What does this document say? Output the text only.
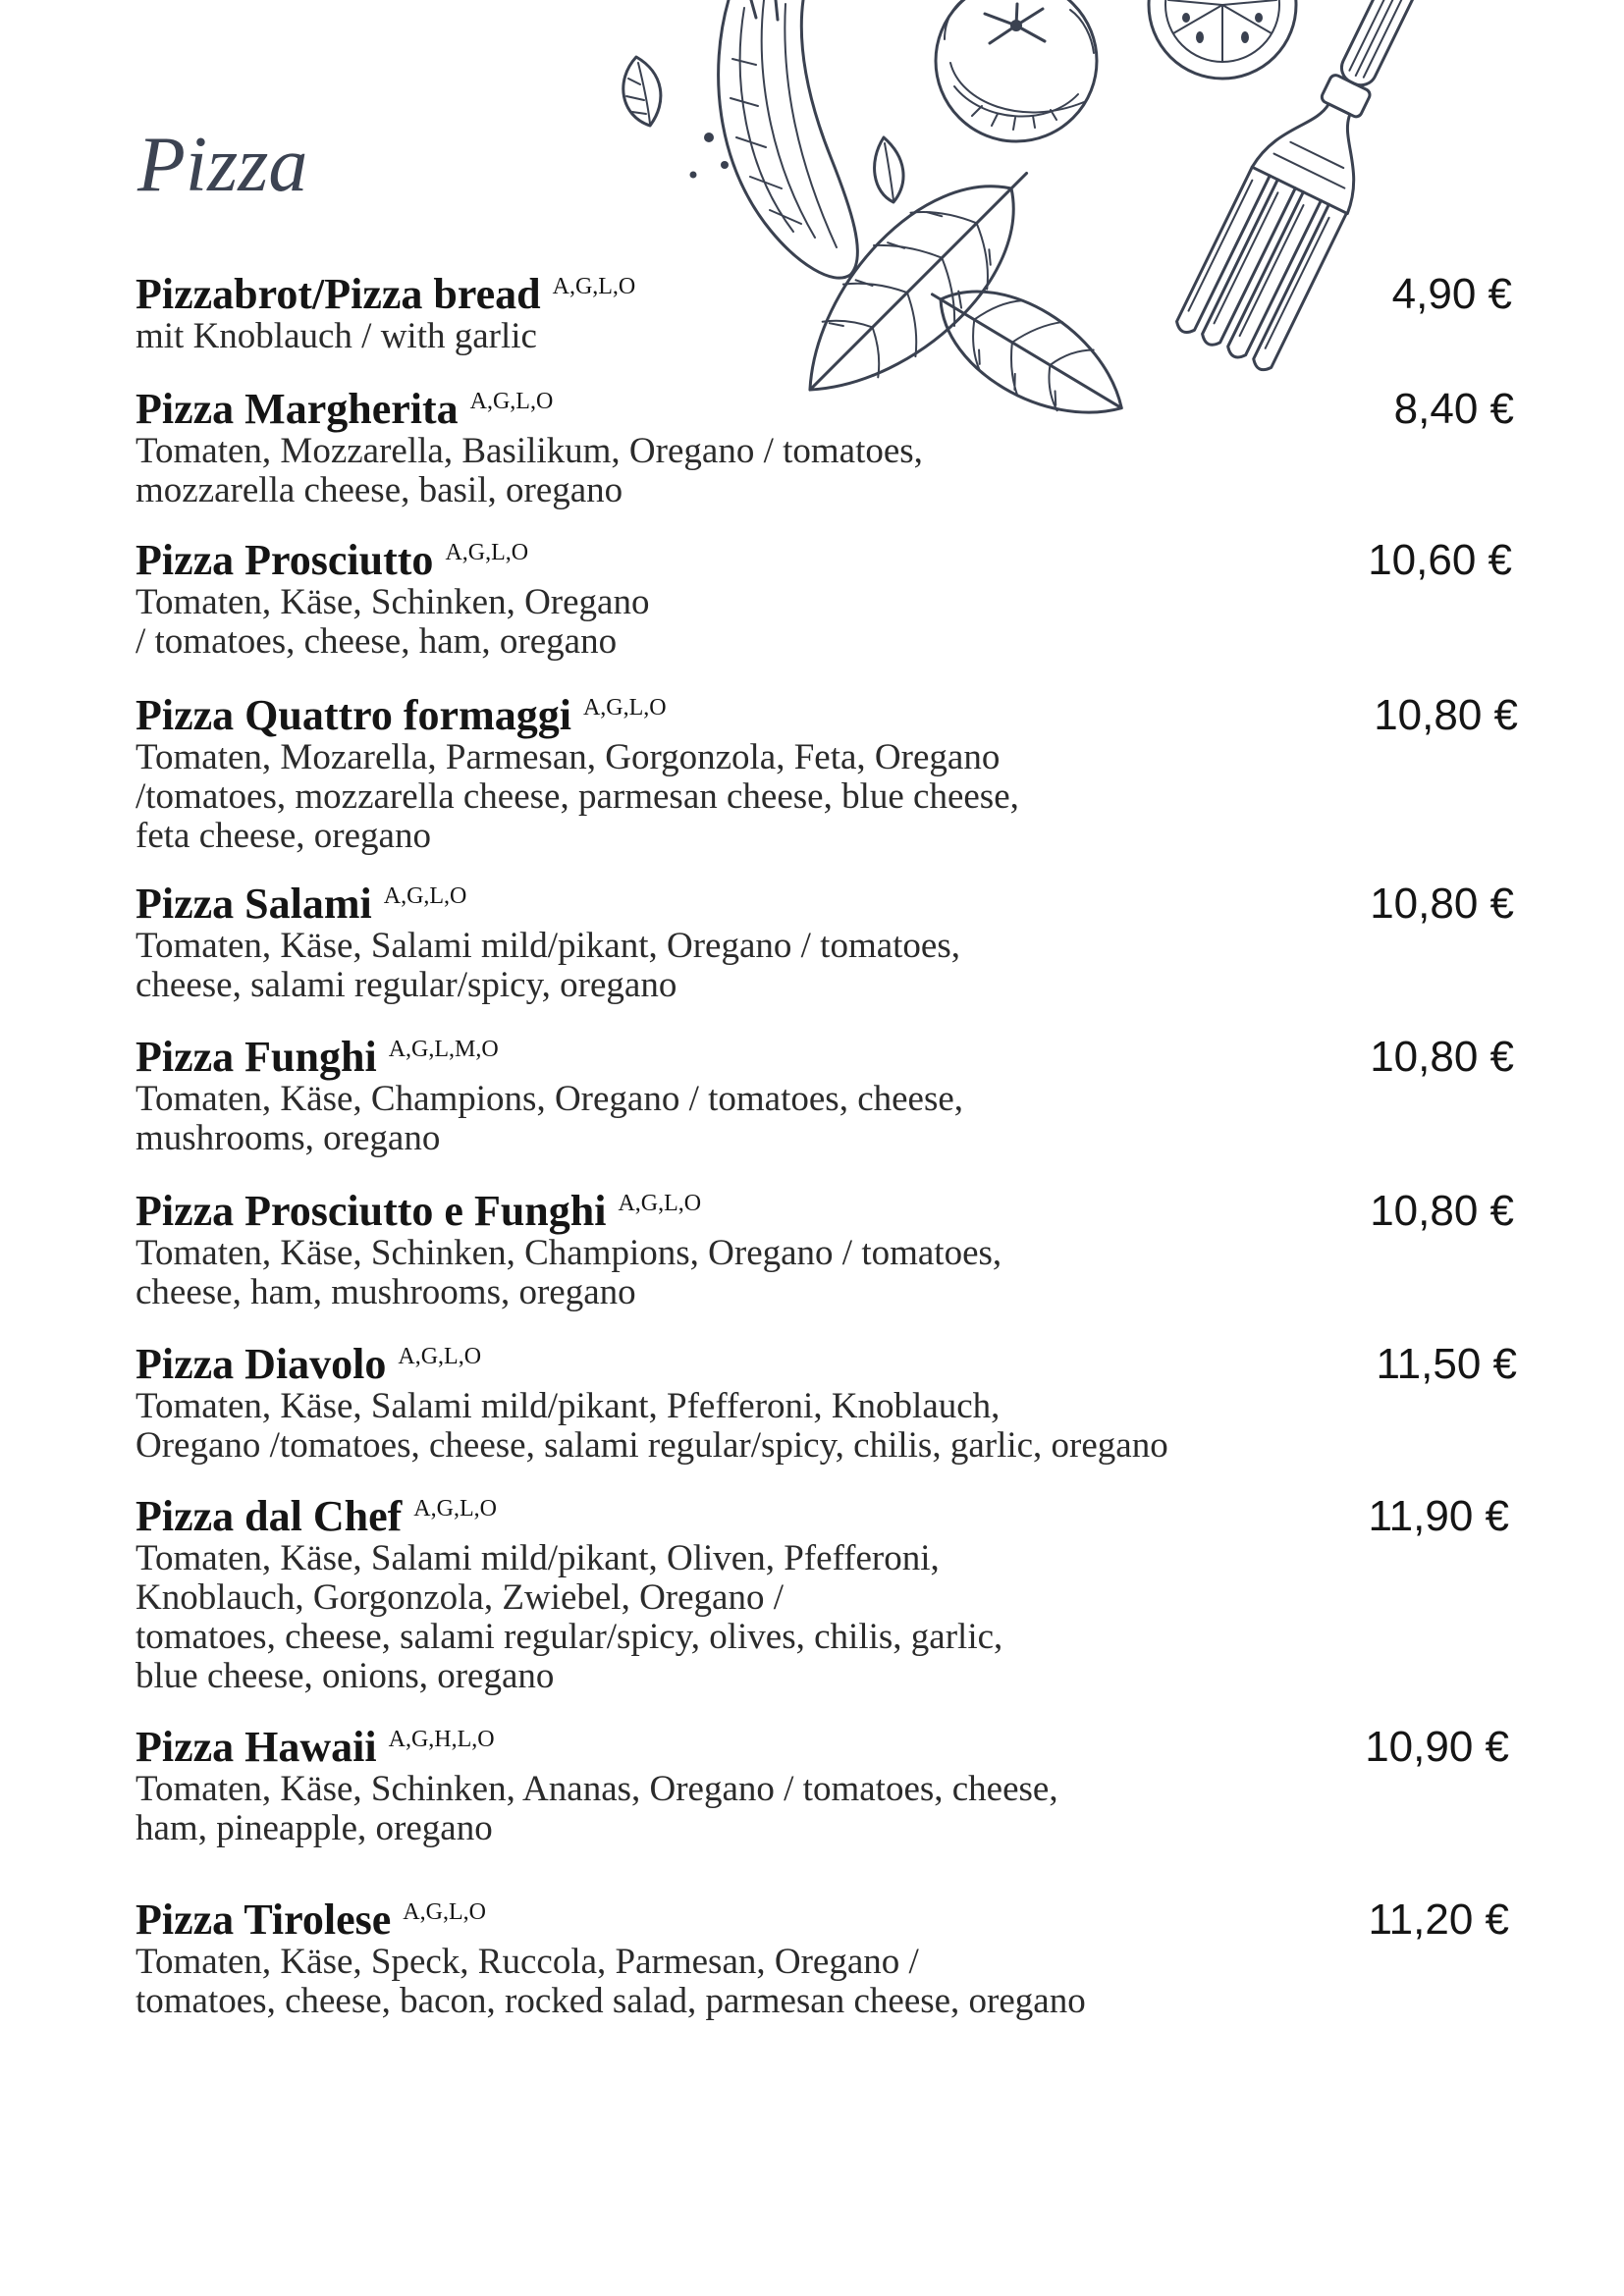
Pizza
Pizzabrot/Pizza bread A,G,L,O	4,90 €
mit Knoblauch / with garlic
Pizza Margherita A,G,L,O	8,40 €
Tomaten, Mozzarella, Basilikum, Oregano / tomatoes,
mozzarella cheese, basil, oregano
Pizza Prosciutto A,G,L,O	10,60 €
Tomaten, Käse, Schinken, Oregano
/ tomatoes, cheese, ham, oregano
Pizza Quattro formaggi A,G,L,O	10,80 €
Tomaten, Mozarella, Parmesan, Gorgonzola, Feta, Oregano
/tomatoes, mozzarella cheese, parmesan cheese, blue cheese,
feta cheese, oregano
Pizza Salami A,G,L,O	10,80 €
Tomaten, Käse, Salami mild/pikant, Oregano / tomatoes,
cheese, salami regular/spicy, oregano
Pizza Funghi A,G,L,M,O	10,80 €
Tomaten, Käse, Champions, Oregano / tomatoes, cheese,
mushrooms, oregano
Pizza Prosciutto e Funghi A,G,L,O	10,80 €
Tomaten, Käse, Schinken, Champions, Oregano / tomatoes,
cheese, ham, mushrooms, oregano
Pizza Diavolo A,G,L,O	11,50 €
Tomaten, Käse, Salami mild/pikant, Pfefferoni, Knoblauch,
Oregano /tomatoes, cheese, salami regular/spicy, chilis, garlic, oregano
Pizza dal Chef A,G,L,O	11,90 €
Tomaten, Käse, Salami mild/pikant, Oliven, Pfefferoni,
Knoblauch, Gorgonzola, Zwiebel, Oregano /
tomatoes, cheese, salami regular/spicy, olives, chilis, garlic,
blue cheese, onions, oregano
Pizza Hawaii A,G,H,L,O	10,90 €
Tomaten, Käse, Schinken, Ananas, Oregano / tomatoes, cheese,
ham, pineapple, oregano
Pizza Tirolese A,G,L,O	11,20 €
Tomaten, Käse, Speck, Ruccola, Parmesan, Oregano /
tomatoes, cheese, bacon, rocked salad, parmesan cheese, oregano
